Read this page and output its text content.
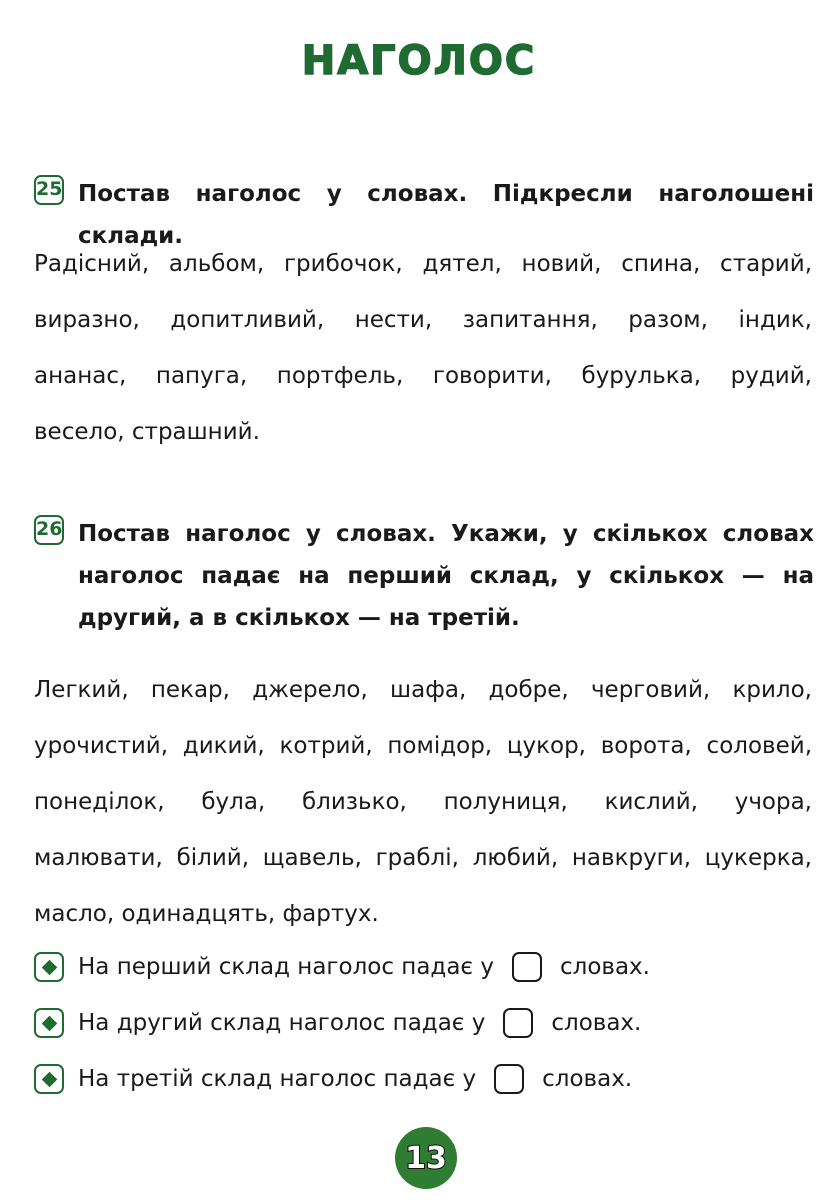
НАГОЛОС
25 Постав наголос у словах. Підкресли наголошені склади.
Радісний, альбом, грибочок, дятел, новий, спина, старий,
виразно, допитливий, нести, запитання, разом, індик,
ананас, папуга, портфель, говорити, бурулька, рудий,
весело, страшний.
26 Постав наголос у словах. Укажи, у скількох словах
наголос падає на перший склад, у скількох — на
другий, а в скількох — на третій.
Легкий, пекар, джерело, шафа, добре, черговий, крило,
урочистий, дикий, котрий, помідор, цукор, ворота, соловей,
понеділок, була, близько, полуниця, кислий, учора,
малювати, білий, щавель, граблі, любий, навкруги, цукерка,
масло, одинадцять, фартух.
На перший склад наголос падає у	словах.
На другий склад наголос падає у	словах.
На третій склад наголос падає у	словах.
13
